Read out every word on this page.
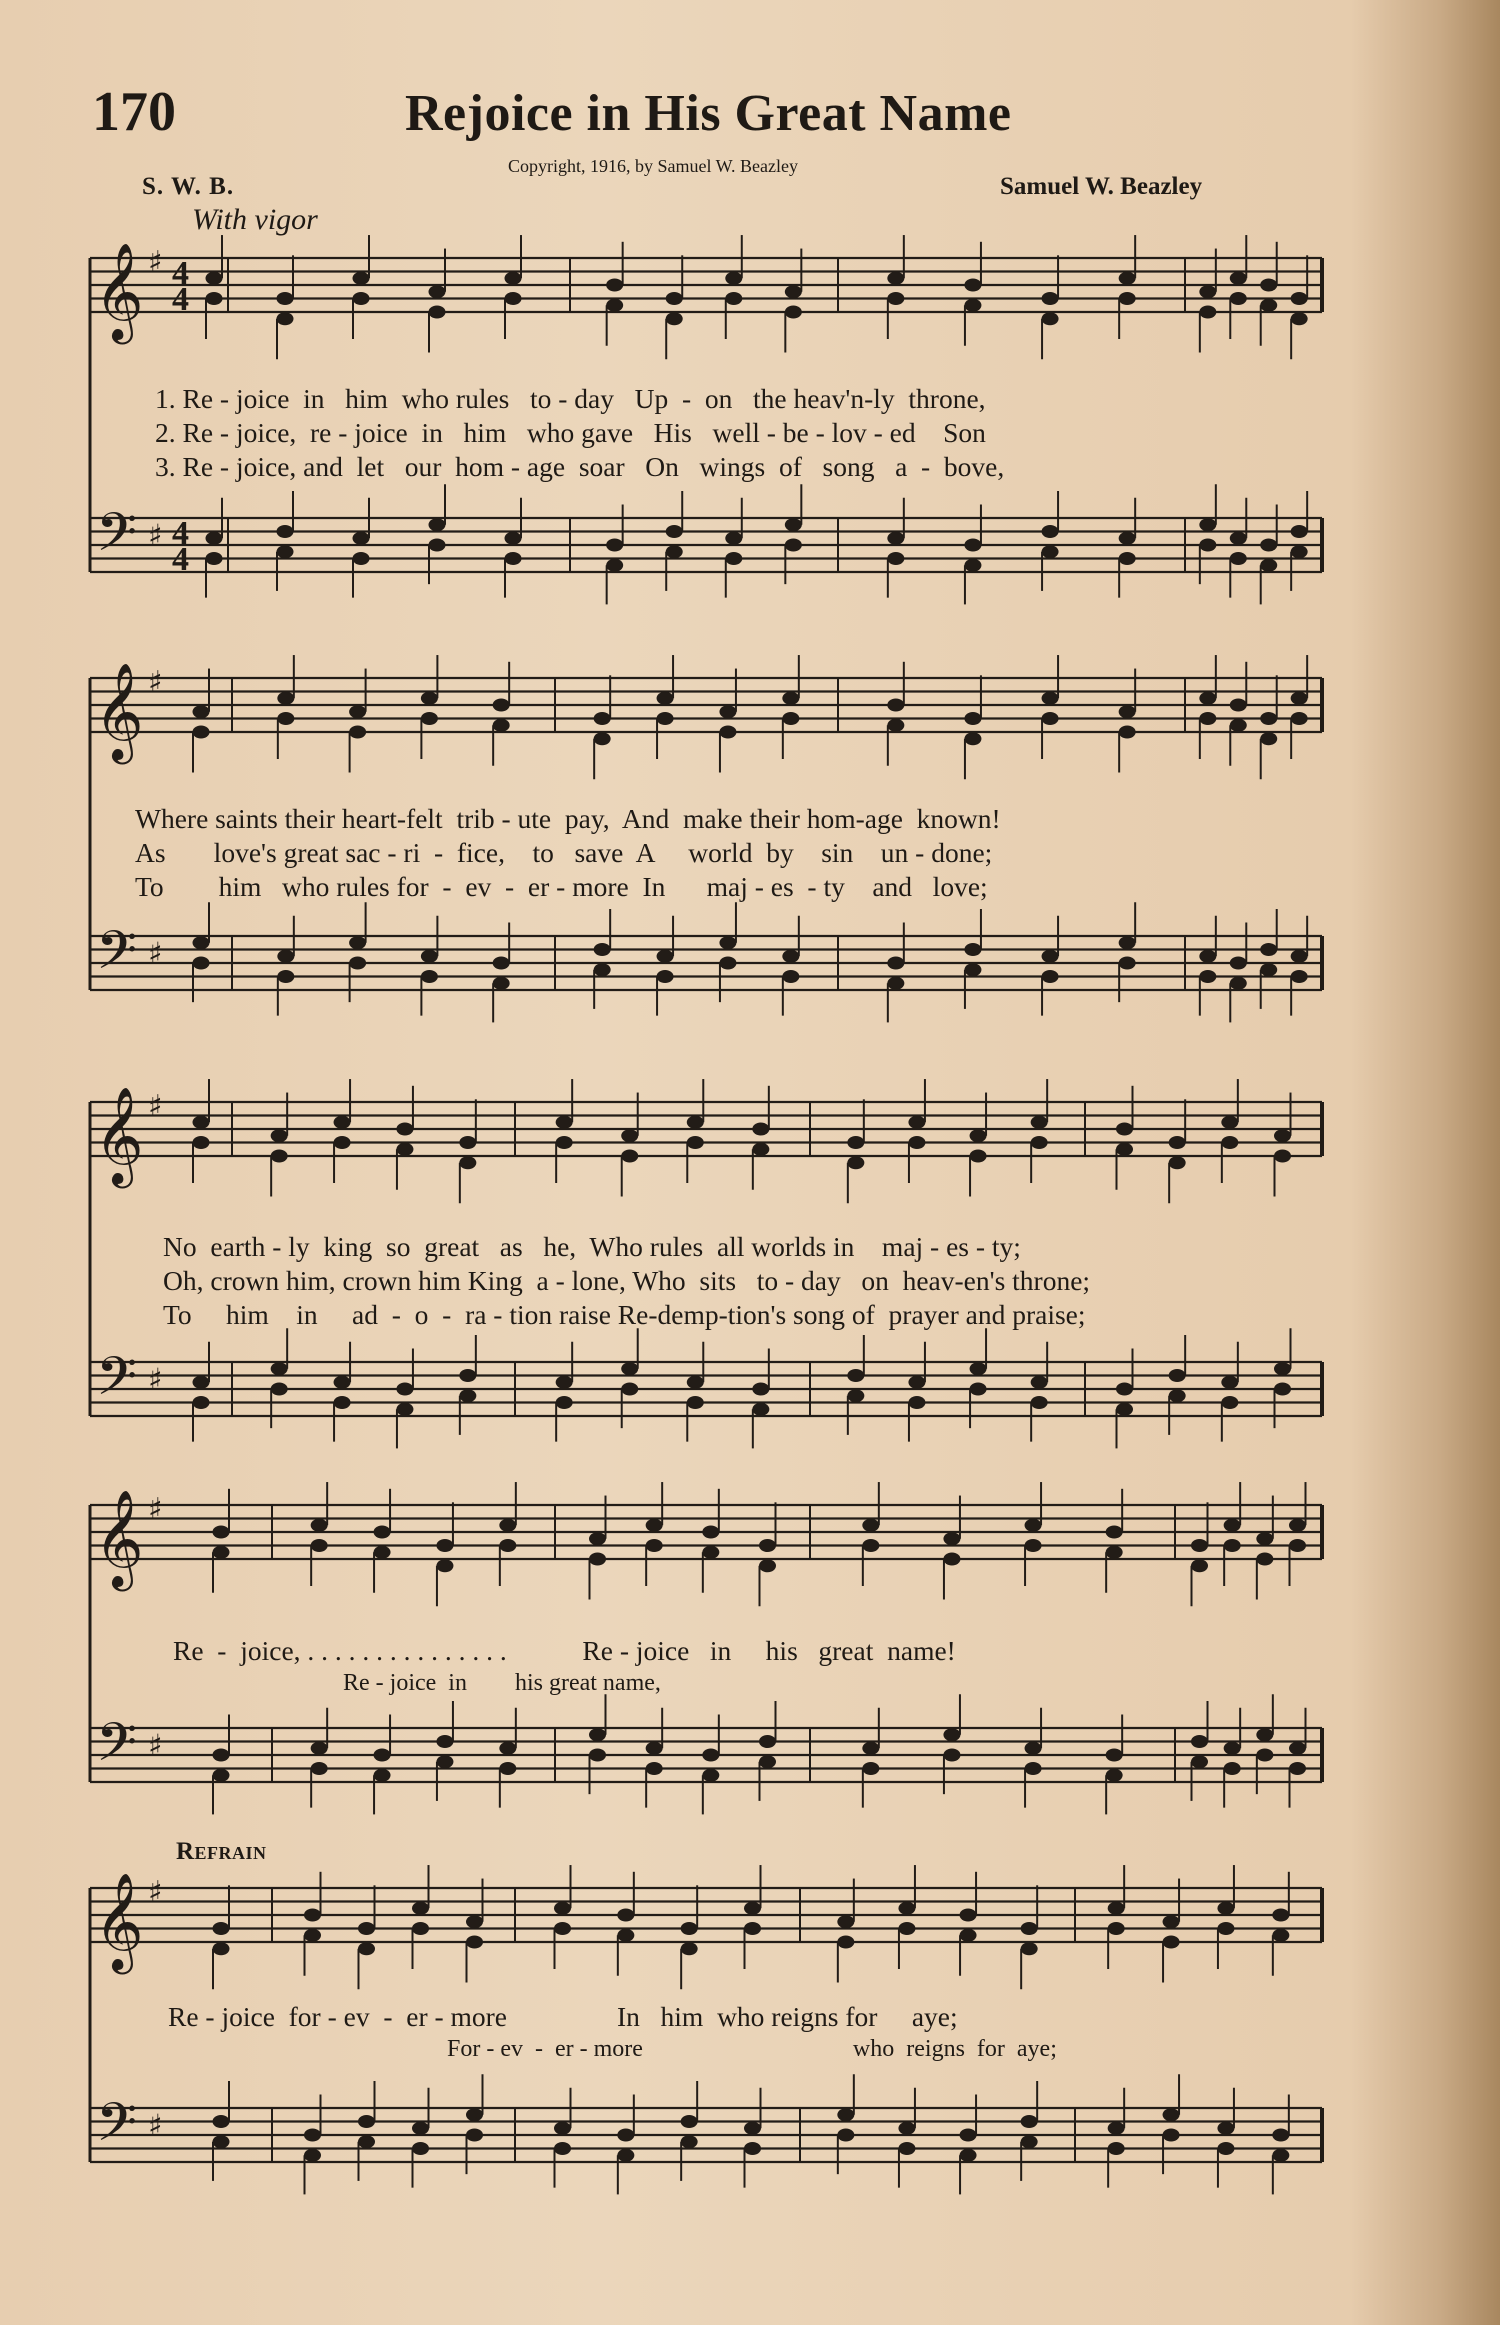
170	Rejoice in His Great Name
Copyright, 1916, by Samuel W. Beazley
S. W. B.	Samuel W. Beazley
With vigor
Refrain
𝄞 ♯ 4
4
𝄢 ♯ 4
4
𝄞 ♯
𝄢 ♯
𝄞 ♯
𝄢 ♯
𝄞 ♯
𝄢 ♯
𝄞 ♯
𝄢 ♯
1. Re - joice  in   him  who rules   to - day   Up  -  on   the heav'n-ly  throne,
2. Re - joice,  re - joice  in   him   who gave   His   well - be - lov - ed    Son
3. Re - joice, and  let   our  hom - age  soar   On   wings  of   song   a  -  bove,
Where saints their heart-felt  trib - ute  pay,  And  make their hom-age  known!
As       love's great sac - ri  -  fice,    to   save  A     world  by    sin    un - done;
To        him   who rules for  -  ev  -  er - more  In      maj - es  - ty    and   love;
No  earth - ly  king  so  great   as   he,  Who rules  all worlds in    maj - es - ty;
Oh, crown him, crown him King  a - lone, Who  sits   to - day   on  heav-en's throne;
To     him    in     ad  -  o  -  ra - tion raise Re-demp-tion's song of  prayer and praise;
Re  -  joice, . . . . . . . . . . . . . . .           Re - joice   in     his   great  name!
Re - joice  in        his great name,
Re - joice  for - ev  -  er - more                In   him  who reigns for     aye;
For - ev  -  er - more                                   who  reigns  for  aye;
